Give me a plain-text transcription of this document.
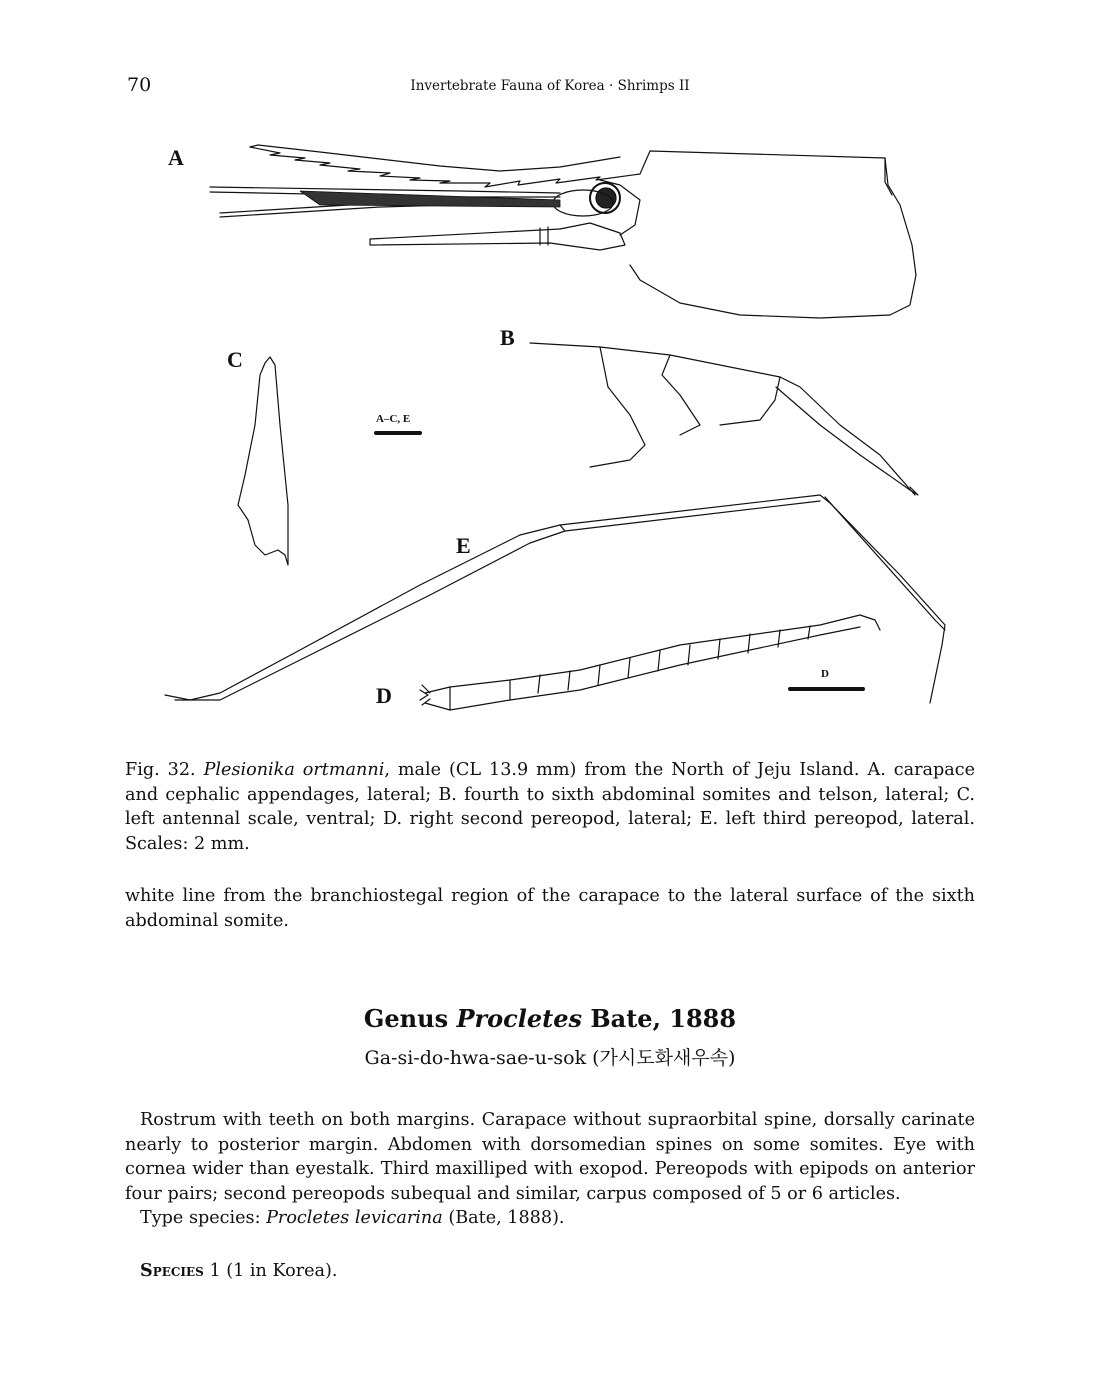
70	Invertebrate Fauna of Korea · Shrimps II
A
B
C
D
E
A–C, E
D
Fig. 32. Plesionika ortmanni, male (CL 13.9 mm) from the North of Jeju Island. A. carapace and cephalic appendages, lateral; B. fourth to sixth abdominal somites and telson, lateral; C. left antennal scale, ventral; D. right second pereopod, lateral; E. left third pereopod, lateral. Scales: 2 mm.
white line from the branchiostegal region of the carapace to the lateral surface of the sixth abdominal somite.
Genus Procletes Bate, 1888
Ga-si-do-hwa-sae-u-sok (가시도화새우속)

Rostrum with teeth on both margins. Carapace without supraorbital spine, dorsally carinate nearly to posterior margin. Abdomen with dorsomedian spines on some somites. Eye with cornea wider than eyestalk. Third maxilliped with exopod. Pereopods with epipods on anterior four pairs; second pereopods subequal and similar, carpus composed of 5 or 6 articles.

Type species: Procletes levicarina (Bate, 1888).

Species 1 (1 in Korea).
